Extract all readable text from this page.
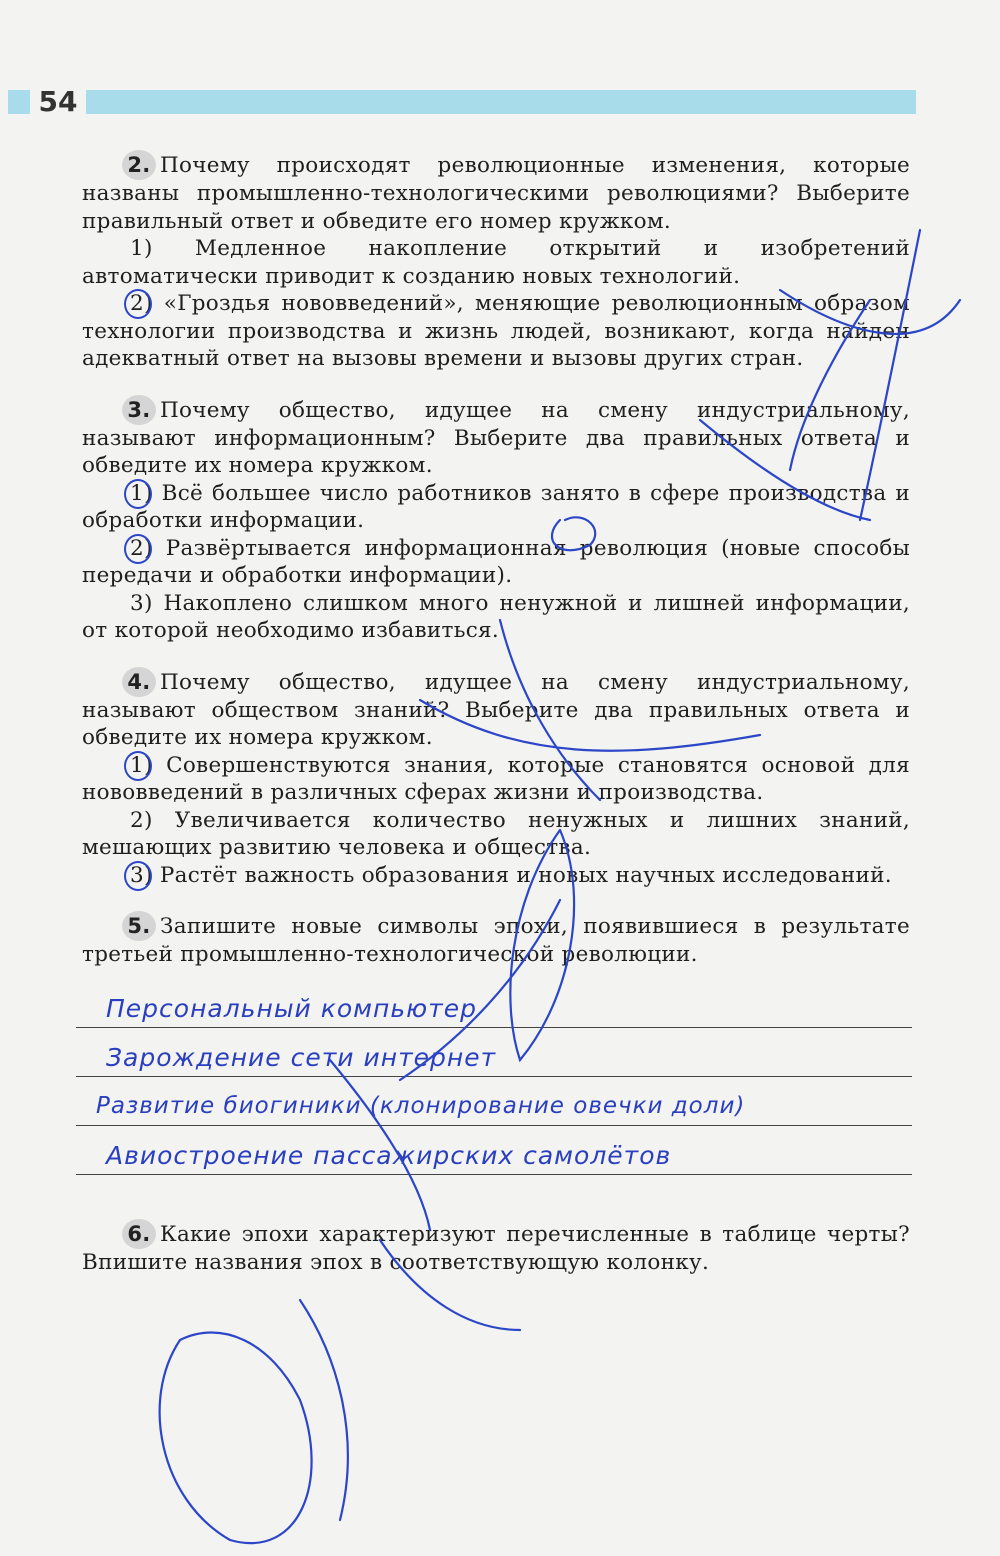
54

2. Почему происходят революционные изменения, которые названы промышленно-технологическими революциями? Выберите правильный ответ и обведите его номер кружком.

1) Медленное накопление открытий и изобретений автоматически приводит к созданию новых технологий.

2) «Гроздья нововведений», меняющие революционным образом технологии производства и жизнь людей, возникают, когда найден адекватный ответ на вызовы времени и вызовы других стран.

3. Почему общество, идущее на смену индустриальному, называют информационным? Выберите два правильных ответа и обведите их номера кружком.

1) Всё большее число работников занято в сфере производства и обработки информации.

2) Развёртывается информационная революция (новые способы передачи и обработки информации).

3) Накоплено слишком много ненужной и лишней информации, от которой необходимо избавиться.

4. Почему общество, идущее на смену индустриальному, называют обществом знаний? Выберите два правильных ответа и обведите их номера кружком.

1) Совершенствуются знания, которые становятся основой для нововведений в различных сферах жизни и производства.

2) Увеличивается количество ненужных и лишних знаний, мешающих развитию человека и общества.

3) Растёт важность образования и новых научных исследований.

5. Запишите новые символы эпохи, появившиеся в результате третьей промышленно-технологической революции.

Персональный компьютер
Зарождение сети интернет
Развитие биогиники (клонирование овечки доли)
Авиостроение пассажирских самолётов

6. Какие эпохи характеризуют перечисленные в таблице черты? Впишите названия эпох в соответствующую колонку.
